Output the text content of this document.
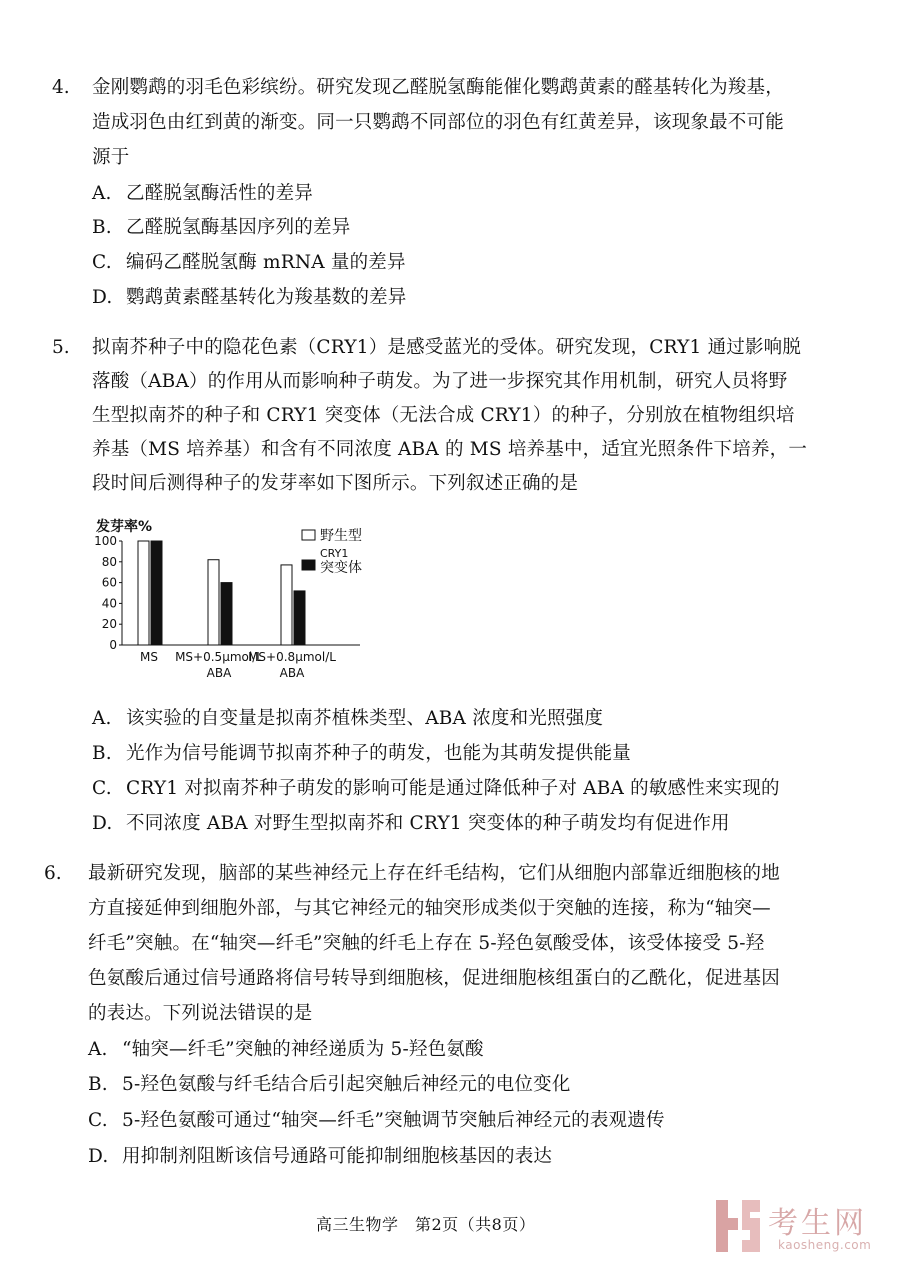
4. 金刚鹦鹉的羽毛色彩缤纷。研究发现乙醛脱氢酶能催化鹦鹉黄素的醛基转化为羧基，
造成羽色由红到黄的渐变。同一只鹦鹉不同部位的羽色有红黄差异，该现象最不可能
源于
A. 乙醛脱氢酶活性的差异
B. 乙醛脱氢酶基因序列的差异
C. 编码乙醛脱氢酶 mRNA 量的差异
D. 鹦鹉黄素醛基转化为羧基数的差异
5. 拟南芥种子中的隐花色素（CRY1）是感受蓝光的受体。研究发现，CRY1 通过影响脱
落酸（ABA）的作用从而影响种子萌发。为了进一步探究其作用机制，研究人员将野
生型拟南芥的种子和 CRY1 突变体（无法合成 CRY1）的种子，分别放在植物组织培
养基（MS 培养基）和含有不同浓度 ABA 的 MS 培养基中，适宜光照条件下培养，一
段时间后测得种子的发芽率如下图所示。下列叙述正确的是
发芽率%
0
20
40
60
80
100
MS MS+0.5μmol/L
ABA
MS+0.8μmol/L
ABA
野生型
CRY1
突变体
A. 该实验的自变量是拟南芥植株类型、ABA 浓度和光照强度
B. 光作为信号能调节拟南芥种子的萌发，也能为其萌发提供能量
C. CRY1 对拟南芥种子萌发的影响可能是通过降低种子对 ABA 的敏感性来实现的
D. 不同浓度 ABA 对野生型拟南芥和 CRY1 突变体的种子萌发均有促进作用
6. 最新研究发现，脑部的某些神经元上存在纤毛结构，它们从细胞内部靠近细胞核的地
方直接延伸到细胞外部，与其它神经元的轴突形成类似于突触的连接，称为“轴突—
纤毛”突触。在“轴突—纤毛”突触的纤毛上存在 5-羟色氨酸受体，该受体接受 5-羟
色氨酸后通过信号通路将信号转导到细胞核，促进细胞核组蛋白的乙酰化，促进基因
的表达。下列说法错误的是
A. “轴突—纤毛”突触的神经递质为 5-羟色氨酸
B. 5-羟色氨酸与纤毛结合后引起突触后神经元的电位变化
C. 5-羟色氨酸可通过“轴突—纤毛”突触调节突触后神经元的表观遗传
D. 用抑制剂阻断该信号通路可能抑制细胞核基因的表达
高三生物学　第2页（共8页）	考生网
kaosheng.com
